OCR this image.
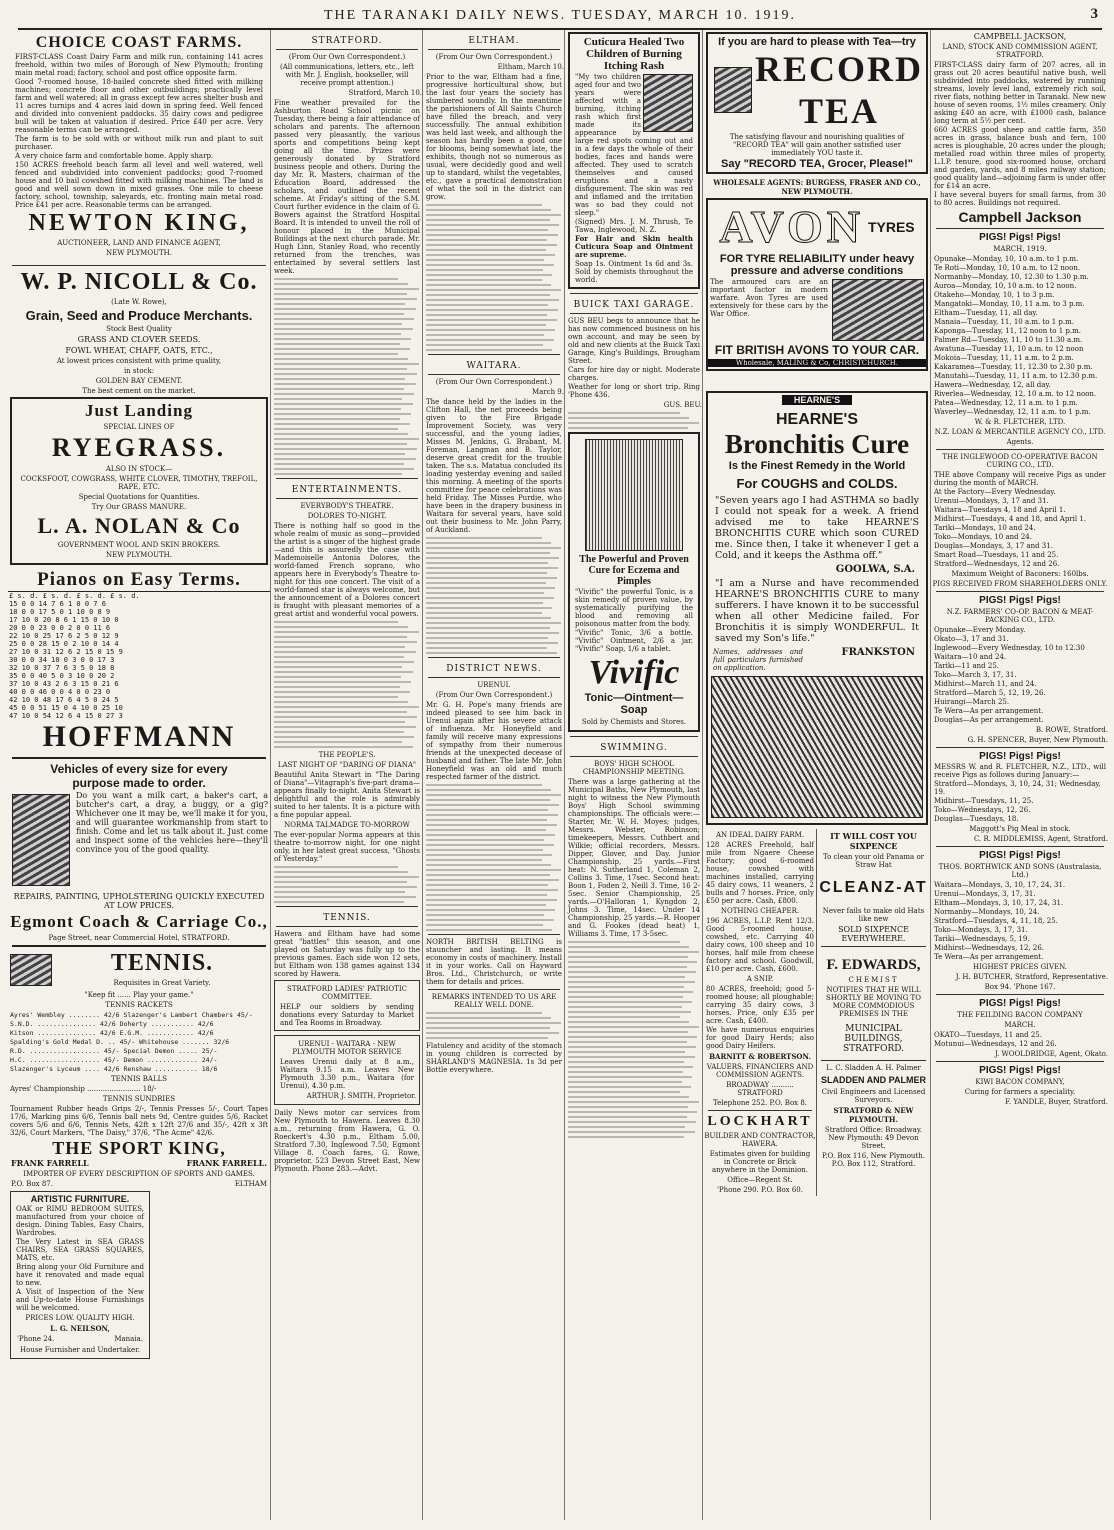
THE TARANAKI DAILY NEWS. TUESDAY, MARCH 10. 1919.	3
CHOICE COAST FARMS.

FIRST-CLASS Coast Dairy Farm and milk run, containing 141 acres freehold, within two miles of Borough of New Plymouth; fronting main metal road; factory, school and post office opposite farm.

Good 7-roomed house, 18-bailed concrete shed fitted with milking machines; concrete floor and other outbuildings; practically level farm and well watered; all in grass except few acres shelter bush and 11 acres turnips and 4 acres laid down in spring feed. Well fenced and divided into convenient paddocks. 35 dairy cows and pedigree bull will be taken at valuation if desired. Price £40 per acre. Very reasonable terms can be arranged.

The farm is to be sold with or without milk run and plant to suit purchaser.

A very choice farm and comfortable home. Apply sharp.

150 ACRES freehold beach farm all level and well watered, well fenced and subdivided into convenient paddocks; good 7-roomed house and 10 bail cowshed fitted with milking machines. The land is good and well sown down in mixed grasses. One mile to cheese factory, school, township, saleyards, etc. fronting main metal road. Price £41 per acre. Reasonable terms can be arranged.

NEWTON KING,
AUCTIONEER, LAND AND FINANCE AGENT,
NEW PLYMOUTH.
W. P. NICOLL & Co.
(Late W. Rowe),
Grain, Seed and Produce Merchants.
Stock Best Quality
GRASS AND CLOVER SEEDS.
FOWL WHEAT, CHAFF, OATS, ETC.,
At lowest prices consistent with prime quality,
in stock:
GOLDEN BAY CEMENT.
The best cement on the market.
Just Landing
SPECIAL LINES OF
RYEGRASS.
ALSO IN STOCK—
COCKSFOOT, COWGRASS, WHITE CLOVER, TIMOTHY, TREFOIL, RAPE, ETC.
Special Quotations for Quantities.
Try Our GRASS MANURE.
L. A. NOLAN & Co
GOVERNMENT WOOL AND SKIN BROKERS.
NEW PLYMOUTH.
Pianos on Easy Terms.
£ s. d. £ s. d. £ s. d. £ s. d.
15 0 0 14 7 6 1 0 0 7 6
18 0 0 17 5 0 1 10 0 8 9
17 10 0 20 8 6 1 15 0 10 0
20 0 0 23 0 0 2 0 0 11 6
22 10 0 25 17 6 2 5 0 12 9
25 0 0 28 15 0 2 10 0 14 4
27 10 0 31 12 6 2 15 0 15 9
30 0 0 34 10 0 3 0 0 17 3
32 10 0 37 7 6 3 5 0 18 8
35 0 0 40 5 0 3 10 0 20 2
37 10 0 43 2 6 3 15 0 21 6
40 0 0 46 0 0 4 0 0 23 0
42 10 0 48 17 6 4 5 0 24 5
45 0 0 51 15 0 4 10 0 25 10
47 10 0 54 12 6 4 15 0 27 3
HOFFMANN
Vehicles of every size for every
purpose made to order.

Do you want a milk cart, a baker's cart, a butcher's cart, a dray, a buggy, or a gig? Whichever one it may be, we'll make it for you, and will guarantee workmanship from start to finish. Come and let us talk about it. Just come and inspect some of the vehicles here—they'll convince you of the good quality.

REPAIRS, PAINTING, UPHOLSTERING QUICKLY EXECUTED AT LOW PRICES.
Egmont Coach & Carriage Co.,
Page Street, near Commercial Hotel, STRATFORD.
TENNIS.
Requisites in Great Variety.
"Keep fit ...... Play your game."
TENNIS RACKETS
Ayres' Wembley ........ 42/6 Slazenger's Lambert Chambers 45/-
S.N.D. ............... 42/6 Doherty ........... 42/6
Kitson ............... 42/6 E.G.M. ............ 42/6
Spalding's Gold Medal D. .. 45/- Whitehouse ....... 32/6
R.D. .................. 45/- Special Demon ..... 25/-
H.C. .................. 45/- Demon ............. 24/-
Slazenger's Lyceum .... 42/6 Renshaw ........... 18/6
TENNIS BALLS
Ayres' Championship ........................ 18/-
TENNIS SUNDRIES

Tournament Rubber heads Grips 2/-, Tennis Presses 5/-, Court Tapes 17/6, Marking pins 6/6, Tennis ball nets 9d, Centre guides 5/6, Racket covers 5/6 and 6/6, Tennis Nets, 42ft x 12ft 27/6 and 35/-, 42ft x 3ft 32/6, Court Markers, "The Daisy," 37/6, "The Acme" 42/6.

THE SPORT KING,
FRANK FARRELL	FRANK FARRELL.
IMPORTER OF EVERY DESCRIPTION OF SPORTS AND GAMES.
P.O. Box 87.	ELTHAM
ARTISTIC FURNITURE.

OAK or RIMU BEDROOM SUITES, manufactured from your choice of design. Dining Tables, Easy Chairs, Wardrobes.

The Very Latest in SEA GRASS CHAIRS, SEA GRASS SQUARES, MATS, etc.

Bring along your Old Furniture and have it renovated and made equal to new.

A Visit of Inspection of the New and Up-to-date House Furnishings will be welcomed.

PRICES LOW. QUALITY HIGH.
L. G. NEILSON,
'Phone 24.	Manaia.
House Furnisher and Undertaker.
STRATFORD.
(From Our Own Correspondent.)
(All communications, letters, etc., left with Mr. J. English, bookseller, will receive prompt attention.)
Stratford, March 10.

Fine weather prevailed for the Ashburton Road School picnic on Tuesday, there being a fair attendance of scholars and parents. The afternoon passed very pleasantly, the various sports and competitions being kept going all the time. Prizes were generously donated by Stratford business people and others. During the day Mr. R. Masters, chairman of the Education Board, addressed the scholars, and outlined the recent scheme. At Friday's sitting of the S.M. Court further evidence in the claim of G. Bowers against the Stratford Hospital Board. It is intended to unveil the roll of honour placed in the Municipal Buildings at the next church parade. Mr. Hugh Linn, Stanley Road, who recently returned from the trenches, was entertained by several settlers last week.

ENTERTAINMENTS.
EVERYBODY'S THEATRE.
DOLORES TO-NIGHT.

There is nothing half so good in the whole realm of music as song—provided the artist is a singer of the highest grade—and this is assuredly the case with Mademoiselle Antonia Dolores, the world-famed French soprano, who appears here in Everybody's Theatre to-night for this one concert. The visit of a world-famed star is always welcome, but the announcement of a Dolores concert is fraught with pleasant memories of a great artist and wonderful vocal powers.

THE PEOPLE'S.
LAST NIGHT OF "DARING OF DIANA"

Beautiful Anita Stewart in "The Daring of Diana"—Vitagraph's five-part drama—appears finally to-night. Anita Stewart is delightful and the role is admirably suited to her talents. It is a picture with a fine popular appeal.

NORMA TALMADGE TO-MORROW

The ever-popular Norma appears at this theatre to-morrow night, for one night only, in her latest great success, "Ghosts of Yesterday."

TENNIS.

Hawera and Eltham have had some great "battles" this season, and one played on Saturday was fully up to the previous games. Each side won 12 sets, but Eltham won 138 games against 134 scored by Hawera.

STRATFORD LADIES' PATRIOTIC COMMITTEE.

HELP our soldiers by sending donations every Saturday to Market and Tea Rooms in Broadway.

URENUI - WAITARA - NEW PLYMOUTH MOTOR SERVICE

Leaves Urenui daily at 8 a.m., Waitara 9.15 a.m. Leaves New Plymouth 3.30 p.m., Waitara (for Urenui), 4.30 p.m.

ARTHUR J. SMITH, Proprietor.

Daily News motor car services from New Plymouth to Hawera. Leaves 8.30 a.m., returning from Hawera, G. O. Roeckert's 4.30 p.m., Eltham 5.00, Stratford 7.30, Inglewood 7.50, Egmont Village 8. Coach fares, G. Rowe, proprietor, 523 Devon Street East, New Plymouth. Phone 283.—Advt.

ELTHAM.
(From Our Own Correspondent.)
Eltham, March 10.

Prior to the war, Eltham had a fine, progressive horticultural show, but the last four years the society has slumbered soundly. In the meantime the parishioners of All Saints Church have filled the breach, and very successfully. The annual exhibition was held last week, and although the season has hardly been a good one for blooms, being somewhat late, the exhibits, though not so numerous as usual, were decidedly good and well up to standard, whilst the vegetables, etc., gave a practical demonstration of what the soil in the district can grow.

WAITARA.
(From Our Own Correspondent.)
March 9.

The dance held by the ladies in the Clifton Hall, the net proceeds being given to the Fire Brigade Improvement Society, was very successful, and the young ladies, Misses M. Jenkins, G. Brabant, M. Foreman, Langman and B. Taylor, deserve great credit for the trouble taken. The s.s. Matatua concluded its loading yesterday evening and sailed this morning. A meeting of the sports committee for peace celebrations was held Friday. The Misses Purdie, who have been in the drapery business in Waitara for several years, have sold out their business to Mr. John Parry, of Auckland.

DISTRICT NEWS.
URENUI.
(From Our Own Correspondent.)

Mr. G. H. Pope's many friends are indeed pleased to see him back in Urenui again after his severe attack of influenza. Mr. Honeyfield and family will receive many expressions of sympathy from their numerous friends at the unexpected decease of husband and father. The late Mr. John Honeyfield was an old and much respected farmer of the district.

NORTH BRITISH BELTING is stauncher and lasting. It means economy in costs of machinery. Install it in your works. Call on Hayward Bros. Ltd., Christchurch, or write them for details and prices.

REMARKS INTENDED TO US ARE REALLY WELL DONE.

Flatulency and acidity of the stomach in young children is corrected by SHARLAND'S MAGNESIA. 1s 3d per Bottle everywhere.

Cuticura Healed Two Children of Burning Itching Rash

"My two children aged four and two years were affected with a burning, itching rash which first made its appearance by large red spots coming out and in a few days the whole of their bodies, faces and hands were affected. They used to scratch themselves and caused eruptions and a nasty disfigurement. The skin was red and inflamed and the irritation was so bad they could not sleep."

(Signed) Mrs. J. M. Thrush, Te Tawa, Inglewood, N. Z.

For Hair and Skin health Cuticura Soap and Ointment are supreme.

Soap 1s. Ointment 1s 6d and 3s. Sold by chemists throughout the world.

BUICK TAXI GARAGE.

GUS BEU begs to announce that he has now commenced business on his own account, and may be seen by old and new clients at the Buick Taxi Garage, King's Buildings, Brougham Street.

Cars for hire day or night. Moderate charges.

Weather for long or short trip. Ring 'Phone 436.

GUS. BEU.
The Powerful and Proven Cure for Eczema and Pimples

"Vivific" the powerful Tonic, is a skin remedy of proven value, by systematically purifying the blood and removing all poisonous matter from the body.

"Vivific" Tonic, 3/6 a bottle. "Vivific" Ointment, 2/6 a jar. "Vivific" Soap, 1/6 a tablet.

Vivific
Tonic—Ointment—Soap
Sold by Chemists and Stores.
SWIMMING.
BOYS' HIGH SCHOOL CHAMPIONSHIP MEETING.

There was a large gathering at the Municipal Baths, New Plymouth, last night to witness the New Plymouth Boys' High School swimming championships. The officials were:—Starter, Mr. W. H. Moyes; judges, Messrs. Webster, Robinson; timekeepers, Messrs. Cuthbert and Wilkie; official recorders, Messrs. Dipper, Glover, and Day. Junior Championship, 25 yards.—First heat: N. Sutherland 1, Coleman 2, Collins 3. Time, 17sec. Second heat: Boon 1, Foden 2, Neill 3. Time, 16 2-5sec. Senior Championship, 25 yards.—O'Halloran 1, Kyngdon 2, Johns 3. Time, 14sec. Under 14 Championship, 25 yards.—R. Hooper and G. Fookes (dead heat) 1, Williams 3. Time, 17 3-5sec.

If you are hard to please with Tea—try
RECORD TEA

The satisfying flavour and nourishing qualities of "RECORD TEA" will gain another satisfied user immediately YOU taste it.

Say "RECORD TEA, Grocer, Please!"
WHOLESALE AGENTS: BURGESS, FRASER AND CO., NEW PLYMOUTH.
AVON TYRES
FOR TYRE RELIABILITY under heavy pressure and adverse conditions

The armoured cars are an important factor in modern warfare. Avon Tyres are used extensively for these cars by the War Office.

FIT BRITISH AVONS TO YOUR CAR.
Wholesale, MALING & Co, CHRISTCHURCH.
HEARNE'S
HEARNE'S
Bronchitis Cure
Is the Finest Remedy in the World
For COUGHS and COLDS.

"Seven years ago I had ASTHMA so badly I could not speak for a week. A friend advised me to take HEARNE'S BRONCHITIS CURE which soon CURED me. Since then, I take it whenever I get a Cold, and it keeps the Asthma off."

GOOLWA, S.A.

"I am a Nurse and have recommended HEARNE'S BRONCHITIS CURE to many sufferers. I have known it to be successful when all other Medicine failed. For Bronchitis it is simply WONDERFUL. It saved my Son's life."

Names, addresses and full particulars furnished on application.

FRANKSTON
AN IDEAL DAIRY FARM.

128 ACRES Freehold, half mile from Ngaere Cheese Factory; good 6-roomed house, cowshed with machines installed, carrying 45 dairy cows, 11 weaners, 2 bulls and 7 horses. Price, only £50 per acre. Cash, £800.

NOTHING CHEAPER.

196 ACRES, L.I.P. Rent 12/3. Good 5-roomed house, cowshed, etc. Carrying 40 dairy cows, 100 sheep and 10 horses, half mile from cheese factory and school. Goodwill, £10 per acre. Cash, £600.

A SNIP.

80 ACRES, freehold; good 5-roomed house; all ploughable; carrying 35 dairy cows, 3 horses. Price, only £35 per acre. Cash, £400.

We have numerous enquiries for good Dairy Herds; also good Dairy Heifers.

BARNITT & ROBERTSON.
VALUERS, FINANCIERS AND COMMISSION AGENTS.
BROADWAY .......... STRATFORD
Telephone 252. P.O. Box 8.
LOCKHART
BUILDER AND CONTRACTOR, HAWERA.

Estimates given for building in Concrete or Brick anywhere in the Dominion.

Office—Regent St.
'Phone 290. P.O. Box 60.
IT WILL COST YOU SIXPENCE
To clean your old Panama or Straw Hat
CLEANZ-AT
Never fails to make old Hats like new
SOLD SIXPENCE EVERYWHERE.
F. EDWARDS,
CHEMIST
NOTIFIES THAT HE WILL SHORTLY BE MOVING TO MORE COMMODIOUS PREMISES IN THE
MUNICIPAL BUILDINGS, STRATFORD.
L. C. Sladden A. H. Palmer
SLADDEN AND PALMER
Civil Engineers and Licensed Surveyors.
STRATFORD & NEW PLYMOUTH.
Stratford Office: Broadway. New Plymouth: 49 Devon Street.
P.O. Box 116, New Plymouth. P.O. Box 112, Stratford.
CAMPBELL JACKSON,
LAND, STOCK AND COMMISSION AGENT, STRATFORD.

FIRST-CLASS dairy farm of 207 acres, all in grass out 20 acres beautiful native bush, well subdivided into paddocks, watered by running streams, lovely level land, extremely rich soil, river flats, nothing better in Taranaki. New new house of seven rooms, 1½ miles creamery. Only asking £40 an acre, with £1000 cash, balance long term at 5½ per cent.

660 ACRES good sheep and cattle farm, 350 acres in grass, balance bush and fern, 100 acres is ploughable, 20 acres under the plough; metalled road within three miles of property, L.I.P. tenure, good six-roomed house, orchard and garden, yards, and 8 miles railway station; good quality land—adjoining farm is under offer for £14 an acre.

I have several buyers for small farms, from 30 to 80 acres. Buildings not required.

Campbell Jackson
PIGS! Pigs! Pigs!
MARCH, 1919.
Opunake—Monday, 10, 10 a.m. to 1 p.m.
Te Roti—Monday, 10, 10 a.m. to 12 noon.
Normanby—Monday, 10, 12.30 to 1.30 p.m.
Auroa—Monday, 10, 10 a.m. to 12 noon.
Otakeho—Monday, 10, 1 to 3 p.m.
Mangatoki—Monday, 10, 11 a.m. to 3 p.m.
Eltham—Tuesday, 11, all day.
Manaia—Tuesday, 11, 10 a.m. to 1 p.m.
Kaponga—Tuesday, 11, 12 noon to 1 p.m.
Palmer Rd—Tuesday, 11, 10 to 11.30 a.m.
Awatuna—Tuesday 11, 10 a.m. to 12 noon
Mokoia—Tuesday, 11, 11 a.m. to 2 p.m.
Kakaramea—Tuesday, 11, 12.30 to 2.30 p.m.
Manutahi—Tuesday, 11, 11 a.m. to 12.30 p.m.
Hawera—Wednesday, 12, all day.
Riverlea—Wednesday, 12, 10 a.m. to 12 noon.
Patea—Wednesday, 12, 11 a.m. to 1 p.m.
Waverley—Wednesday, 12, 11 a.m. to 1 p.m.
W. & R. FLETCHER, LTD.
N.Z. LOAN & MERCANTILE AGENCY CO., LTD.
Agents.
THE INGLEWOOD CO-OPERATIVE BACON CURING CO., LTD.

THE above Company will receive Pigs as under during the month of MARCH.

At the Factory—Every Wednesday.
Urenui—Mondays, 3, 17 and 31.
Waitara—Tuesdays 4, 18 and April 1.
Midhirst—Tuesdays, 4 and 18, and April 1.
Tariki—Mondays, 10 and 24.
Toko—Mondays, 10 and 24.
Douglas—Mondays, 3, 17 and 31.
Smart Road—Tuesdays, 11 and 25.
Stratford—Wednesdays, 12 and 26.
Maximum Weight of Baconers: 160lbs.
PIGS RECEIVED FROM SHAREHOLDERS ONLY.
PIGS! Pigs! Pigs!
N.Z. FARMERS' CO-OP. BACON & MEAT-PACKING CO., LTD.
Opunake—Every Monday.
Okato—3, 17 and 31.
Inglewood—Every Wednesday, 10 to 12.30
Waitara—10 and 24.
Tariki—11 and 25.
Toko—March 3, 17, 31.
Midhirst—March 11, and 24.
Stratford—March 5, 12, 19, 26.
Huirangi—March 25.
Te Wera—As per arrangement.
Douglas—As per arrangement.
B. ROWE, Stratford.
G. H. SPENCER, Buyer, New Plymouth.
PIGS! Pigs! Pigs!

MESSRS W. and R. FLETCHER, N.Z., LTD., will receive Pigs as follows during January:—

Stratford—Mondays, 3, 10, 24, 31; Wednesday, 19.
Midhirst—Tuesdays, 11, 25.
Toko—Wednesdays, 12, 26.
Douglas—Tuesdays, 18.
Maggott's Pig Meal in stock.
C. R. MIDDLEMISS, Agent, Stratford.
PIGS! Pigs! Pigs!
THOS. BORTHWICK AND SONS (Australasia, Ltd.)
Waitara—Mondays, 3, 10, 17, 24, 31.
Urenui—Mondays, 3, 17, 31.
Eltham—Mondays, 3, 10, 17, 24, 31.
Normanby—Mondays, 10, 24.
Stratford—Tuesdays, 4, 11, 18, 25.
Toko—Mondays, 3, 17, 31.
Tariki—Wednesdays, 5, 19.
Midhirst—Wednesdays, 12, 26.
Te Wera—As per arrangement.
HIGHEST PRICES GIVEN.
J. H. BUTCHER, Stratford, Representative.
Box 94. 'Phone 167.
PIGS! Pigs! Pigs!
THE FEILDING BACON COMPANY
MARCH.
OKATO—Tuesdays, 11 and 25.
Motunui—Wednesdays, 12 and 26.
J. WOOLDRIDGE, Agent, Okato.
PIGS! Pigs! Pigs!
KIWI BACON COMPANY,
Curing for farmers a speciality.
F. YANDLE, Buyer, Stratford.
